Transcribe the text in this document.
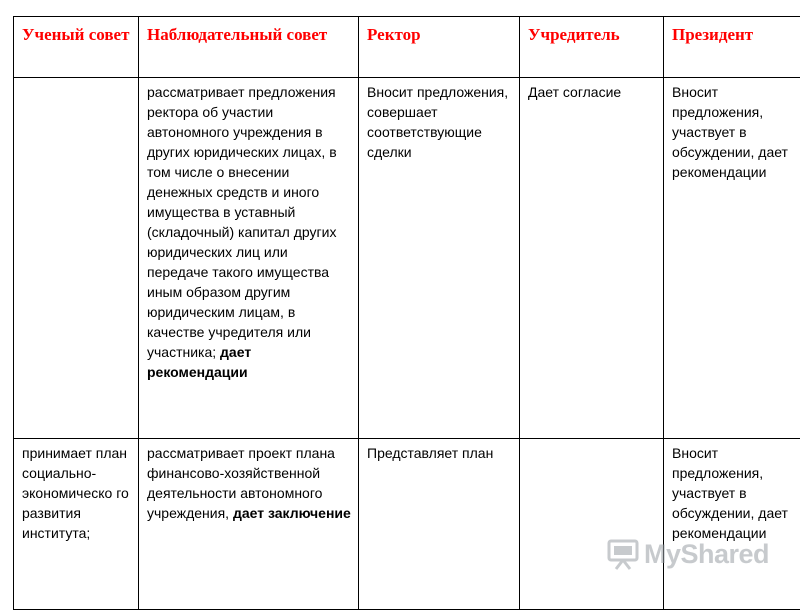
Ученый совет	Наблюдательный совет	Ректор	Учредитель	Президент

	рассматривает предложения ректора об участии автономного учреждения в других юридических лицах, в том числе о внесении денежных средств и иного имущества в уставный (складочный) капитал других юридических лиц или передаче такого имущества иным образом другим юридическим лицам, в качестве учредителя или участника; дает рекомендации	Вносит предложения, совершает соответствующие сделки	Дает согласие	Вносит предложения, участвует в обсуждении, дает рекомендации

принимает план социально-экономическо го развития института;	рассматривает проект плана финансово-хозяйственной деятельности автономного учреждения, дает заключение	Представляет план		Вносит предложения, участвует в обсуждении, дает рекомендации
MyShared
